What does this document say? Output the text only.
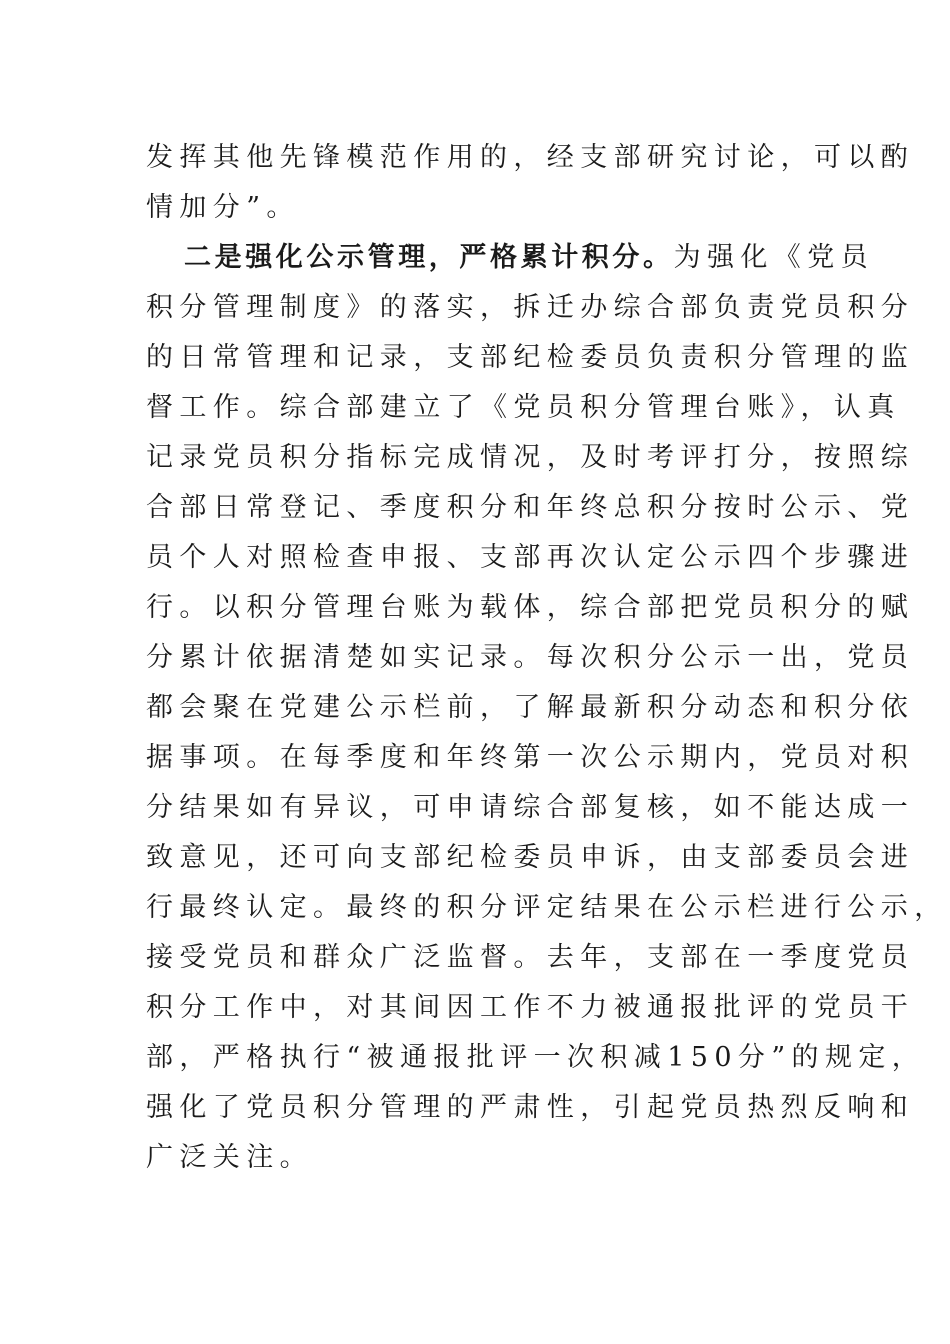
发挥其他先锋模范作用的，经支部研究讨论，可以酌
情加分”。
二是强化公示管理，严格累计积分。为强化《党员
积分管理制度》的落实，拆迁办综合部负责党员积分
的日常管理和记录，支部纪检委员负责积分管理的监
督工作。综合部建立了《党员积分管理台账》，认真
记录党员积分指标完成情况，及时考评打分，按照综
合部日常登记、季度积分和年终总积分按时公示、党
员个人对照检查申报、支部再次认定公示四个步骤进
行。以积分管理台账为载体，综合部把党员积分的赋
分累计依据清楚如实记录。每次积分公示一出，党员
都会聚在党建公示栏前，了解最新积分动态和积分依
据事项。在每季度和年终第一次公示期内，党员对积
分结果如有异议，可申请综合部复核，如不能达成一
致意见，还可向支部纪检委员申诉，由支部委员会进
行最终认定。最终的积分评定结果在公示栏进行公示，
接受党员和群众广泛监督。去年，支部在一季度党员
积分工作中，对其间因工作不力被通报批评的党员干
部，严格执行“被通报批评一次积减150分”的规定，
强化了党员积分管理的严肃性，引起党员热烈反响和
广泛关注。
